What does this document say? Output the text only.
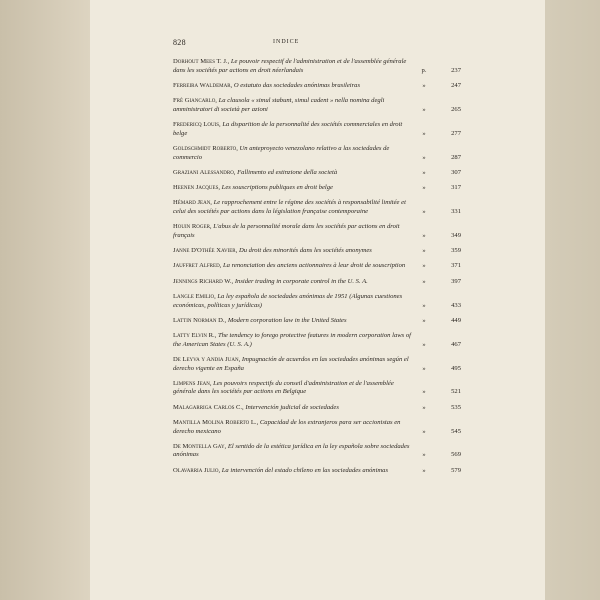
828	INDICE
Dorhout Mees T. J., Le pouvoir respectif de l'administration et de l'assemblée générale dans les sociétés par actions en droit néerlandais	p.	237
Ferreira Waldemar, O estatuto das sociedades anónimas brasileiras	»	247
Frè Giancarlo, La clausola « simul stabunt, simul cadent » nella nomina degli amministratori di società per azioni	»	265
Fredericq Louis, La disparition de la personnalité des sociétés commerciales en droit belge	»	277
Goldschmidt Roberto, Un anteproyecto venezolano relativo a las sociedades de commercio	»	287
Graziani Alessandro, Fallimento ed estinzione della società	»	307
Heenen Jacques, Les souscriptions publiques en droit belge	»	317
Hémard Jean, Le rapprochement entre le régime des sociétés à responsabilité limitée et celui des sociétés par actions dans la législation française contemporaine	»	331
Houin Roger, L'abus de la personnalité morale dans les sociétés par actions en droit français	»	349
Janne D'Othée Xavier, Du droit des minorités dans les sociétés anonymes	»	359
Jauffret Alfred, La renonciation des anciens actionnaires à leur droit de souscription	»	371
Jennings Richard W., Insider trading in corporate control in the U. S. A.	»	397
Langle Emilio, La ley española de sociedades anónimas de 1951 (Algunas cuestiones económicas, políticas y jurídicas)	»	433
Lattin Norman D., Modern corporation law in the United States	»	449
Latty Elvin R., The tendency to forego protective features in modern corporation laws of the American States (U. S. A.)	»	467
De Leyva y Andia Juan, Impugnación de acuerdos en las sociedades anónimas según el derecho vigente en España	»	495
Limpens Jean, Les pouvoirs respectifs du conseil d'administration et de l'assemblée générale dans les sociétés par actions en Belgique	»	521
Malagarriga Carlos C., Intervención judicial de sociedades	»	535
Mantilla Molina Roberto L., Capacidad de los extranjeros para ser accionistas en derecho mexicano	»	545
De Montella Gay, El sentido de la estética jurídica en la ley española sobre sociedades anónimas	»	569
Olavarria Julio, La intervención del estado chileno en las sociedades anónimas	»	579
